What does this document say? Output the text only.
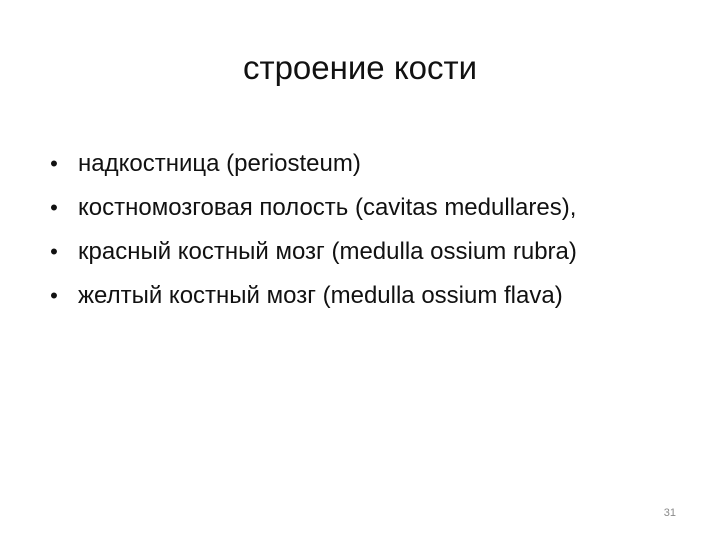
строение кости
• надкостница (periosteum)
• костномозговая полость (cavitas medullares),
• красный костный мозг (medulla ossium rubra)
• желтый костный мозг (medulla ossium flava)
31
